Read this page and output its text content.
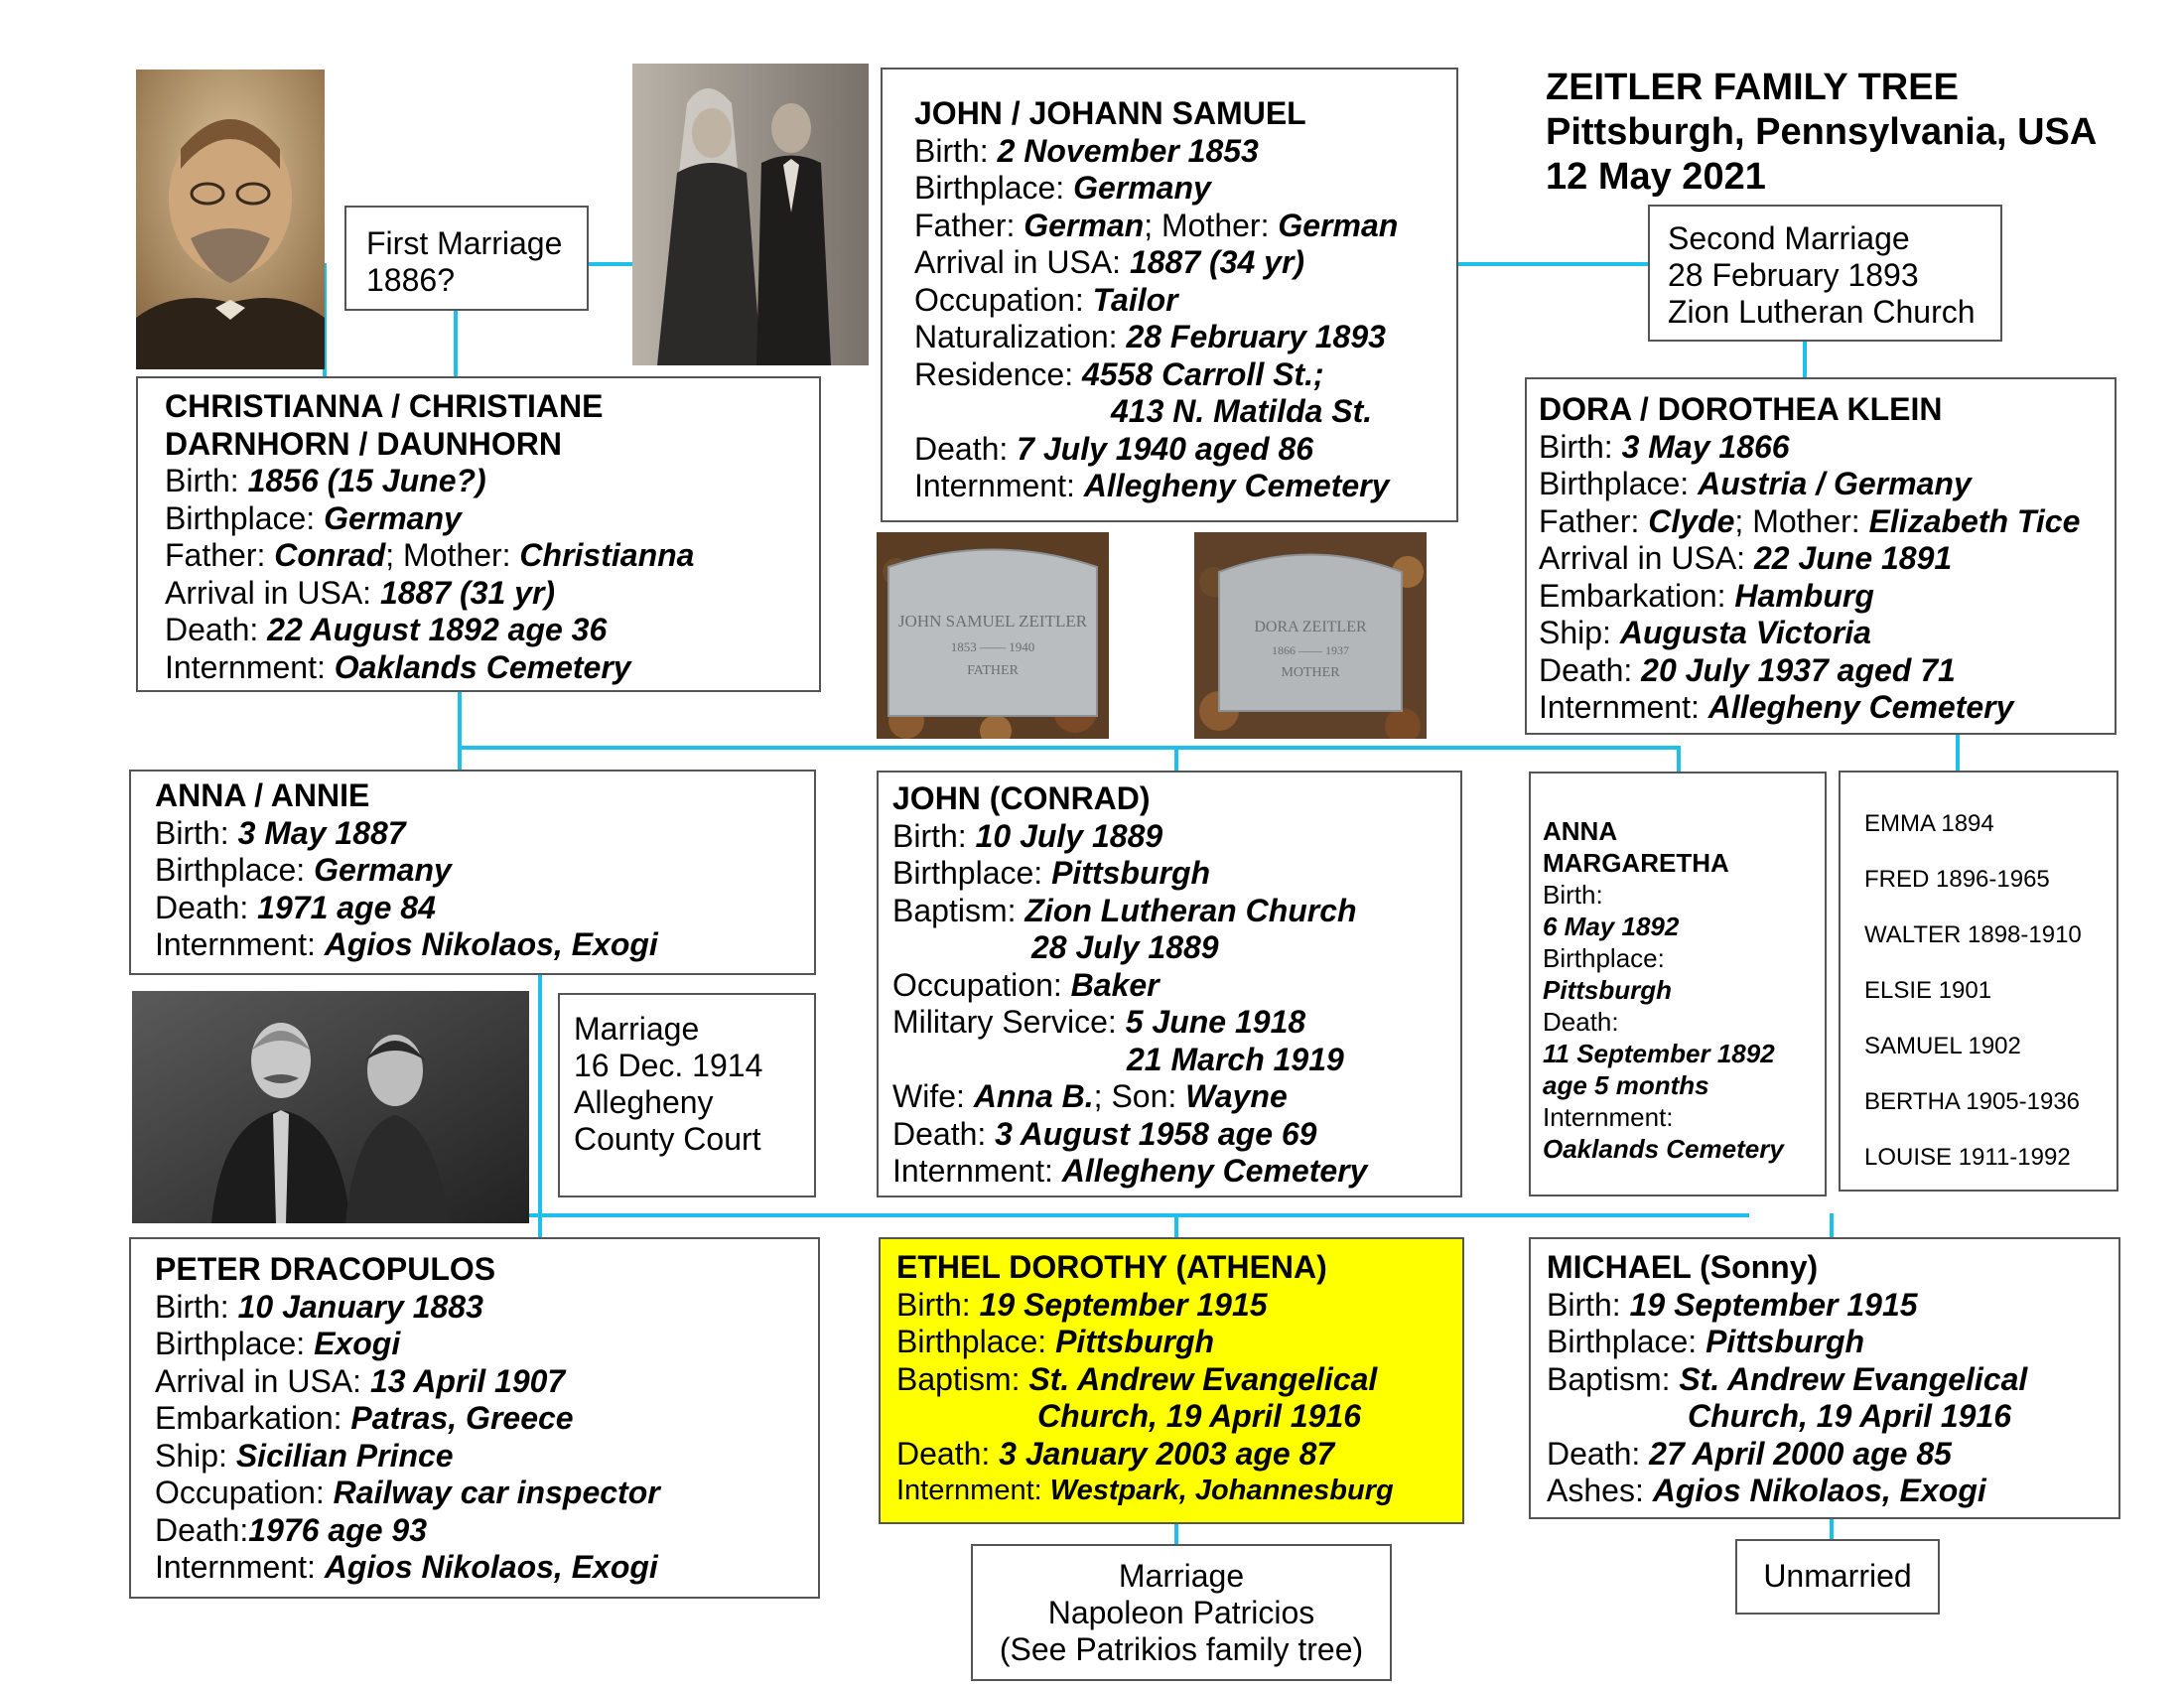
ZEITLER FAMILY TREE
Pittsburgh, Pennsylvania, USA
12 May 2021
JOHN SAMUEL ZEITLER
1853 —— 1940
FATHER
DORA ZEITLER
1866 —— 1937
MOTHER
First Marriage
1886?
Second Marriage
28 February 1893
Zion Lutheran Church
JOHN / JOHANN SAMUEL
Birth: 2 November 1853
Birthplace: Germany
Father: German; Mother: German
Arrival in USA: 1887 (34 yr)
Occupation: Tailor
Naturalization: 28 February 1893
Residence: 4558 Carroll St.;
413 N. Matilda St.
Death: 7 July 1940 aged 86
Internment: Allegheny Cemetery
CHRISTIANNA / CHRISTIANE
DARNHORN / DAUNHORN
Birth: 1856 (15 June?)
Birthplace: Germany
Father: Conrad; Mother: Christianna
Arrival in USA: 1887 (31 yr)
Death: 22 August 1892 age 36
Internment: Oaklands Cemetery
DORA / DOROTHEA KLEIN
Birth: 3 May 1866
Birthplace: Austria / Germany
Father: Clyde; Mother: Elizabeth Tice
Arrival in USA: 22 June 1891
Embarkation: Hamburg
Ship: Augusta Victoria
Death: 20 July 1937 aged 71
Internment: Allegheny Cemetery
ANNA / ANNIE
Birth: 3 May 1887
Birthplace: Germany
Death: 1971 age 84
Internment: Agios Nikolaos, Exogi
JOHN (CONRAD)
Birth: 10 July 1889
Birthplace: Pittsburgh
Baptism: Zion Lutheran Church
28 July 1889
Occupation: Baker
Military Service: 5 June 1918
21 March 1919
Wife: Anna B.; Son: Wayne
Death: 3 August 1958 age 69
Internment: Allegheny Cemetery
ANNA
MARGARETHA
Birth:
6 May 1892
Birthplace:
Pittsburgh
Death:
11 September 1892
age 5 months
Internment:
Oaklands Cemetery
EMMA 1894
FRED 1896-1965
WALTER 1898-1910
ELSIE 1901
SAMUEL 1902
BERTHA 1905-1936
LOUISE 1911-1992
Marriage
16 Dec. 1914
Allegheny
County Court
PETER DRACOPULOS
Birth: 10 January 1883
Birthplace: Exogi
Arrival in USA: 13 April 1907
Embarkation: Patras, Greece
Ship: Sicilian Prince
Occupation: Railway car inspector
Death:1976 age 93
Internment: Agios Nikolaos, Exogi
ETHEL DOROTHY (ATHENA)
Birth: 19 September 1915
Birthplace: Pittsburgh
Baptism: St. Andrew Evangelical
Church, 19 April 1916
Death: 3 January 2003 age 87
Internment: Westpark, Johannesburg
MICHAEL (Sonny)
Birth: 19 September 1915
Birthplace: Pittsburgh
Baptism: St. Andrew Evangelical
Church, 19 April 1916
Death: 27 April 2000 age 85
Ashes: Agios Nikolaos, Exogi
Marriage
Napoleon Patricios
(See Patrikios family tree)
Unmarried
